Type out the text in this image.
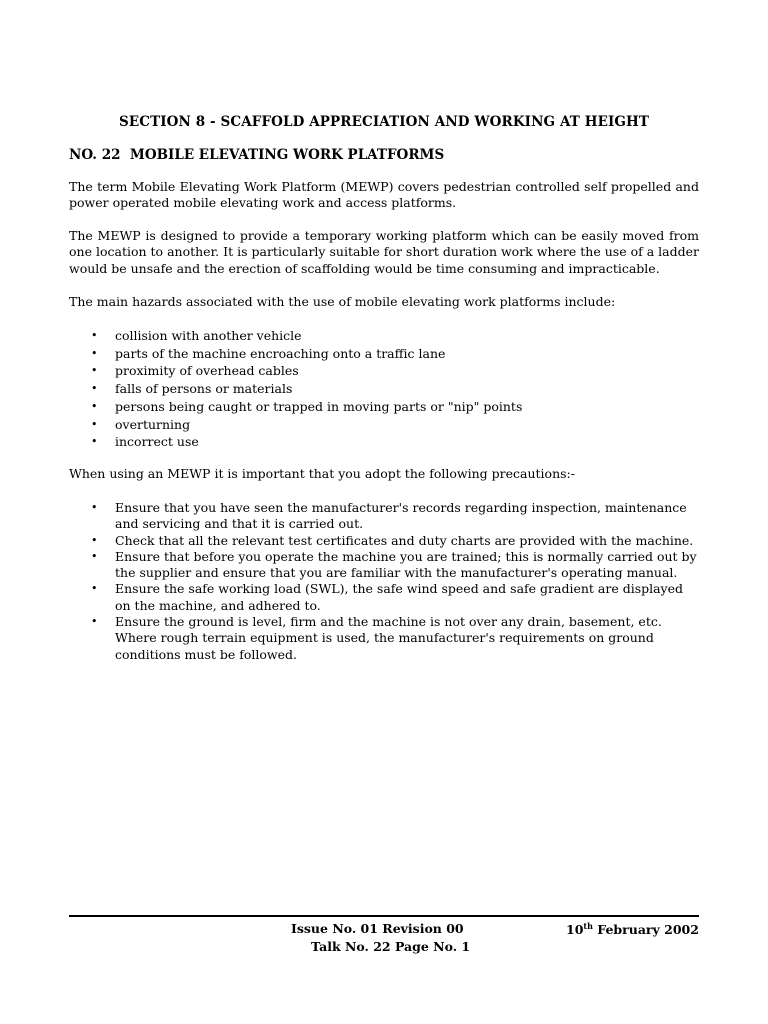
SECTION 8 - SCAFFOLD APPRECIATION AND WORKING AT HEIGHT
NO. 22  MOBILE ELEVATING WORK PLATFORMS

The term Mobile Elevating Work Platform (MEWP) covers pedestrian controlled self propelled and power operated mobile elevating work and access platforms.

The MEWP is designed to provide a temporary working platform which can be easily moved from one location to another. It is particularly suitable for short duration work where the use of a ladder would be unsafe and the erection of scaffolding would be time consuming and impracticable.

The main hazards associated with the use of mobile elevating work platforms include:

• collision with another vehicle
• parts of the machine encroaching onto a traffic lane
• proximity of overhead cables
• falls of persons or materials
• persons being caught or trapped in moving parts or "nip" points
• overturning
• incorrect use

When using an MEWP it is important that you adopt the following precautions:-

• Ensure that you have seen the manufacturer's records regarding inspection, maintenance and servicing and that it is carried out.
• Check that all the relevant test certificates and duty charts are provided with the machine.
• Ensure that before you operate the machine you are trained; this is normally carried out by the supplier and ensure that you are familiar with the manufacturer's operating manual.
• Ensure the safe working load (SWL), the safe wind speed and safe gradient are displayed on the machine, and adhered to.
• Ensure the ground is level, firm and the machine is not over any drain, basement, etc. Where rough terrain equipment is used, the manufacturer's requirements on ground conditions must be followed.
Issue No. 01 Revision 00
Talk No. 22 Page No. 1
10th February 2002
